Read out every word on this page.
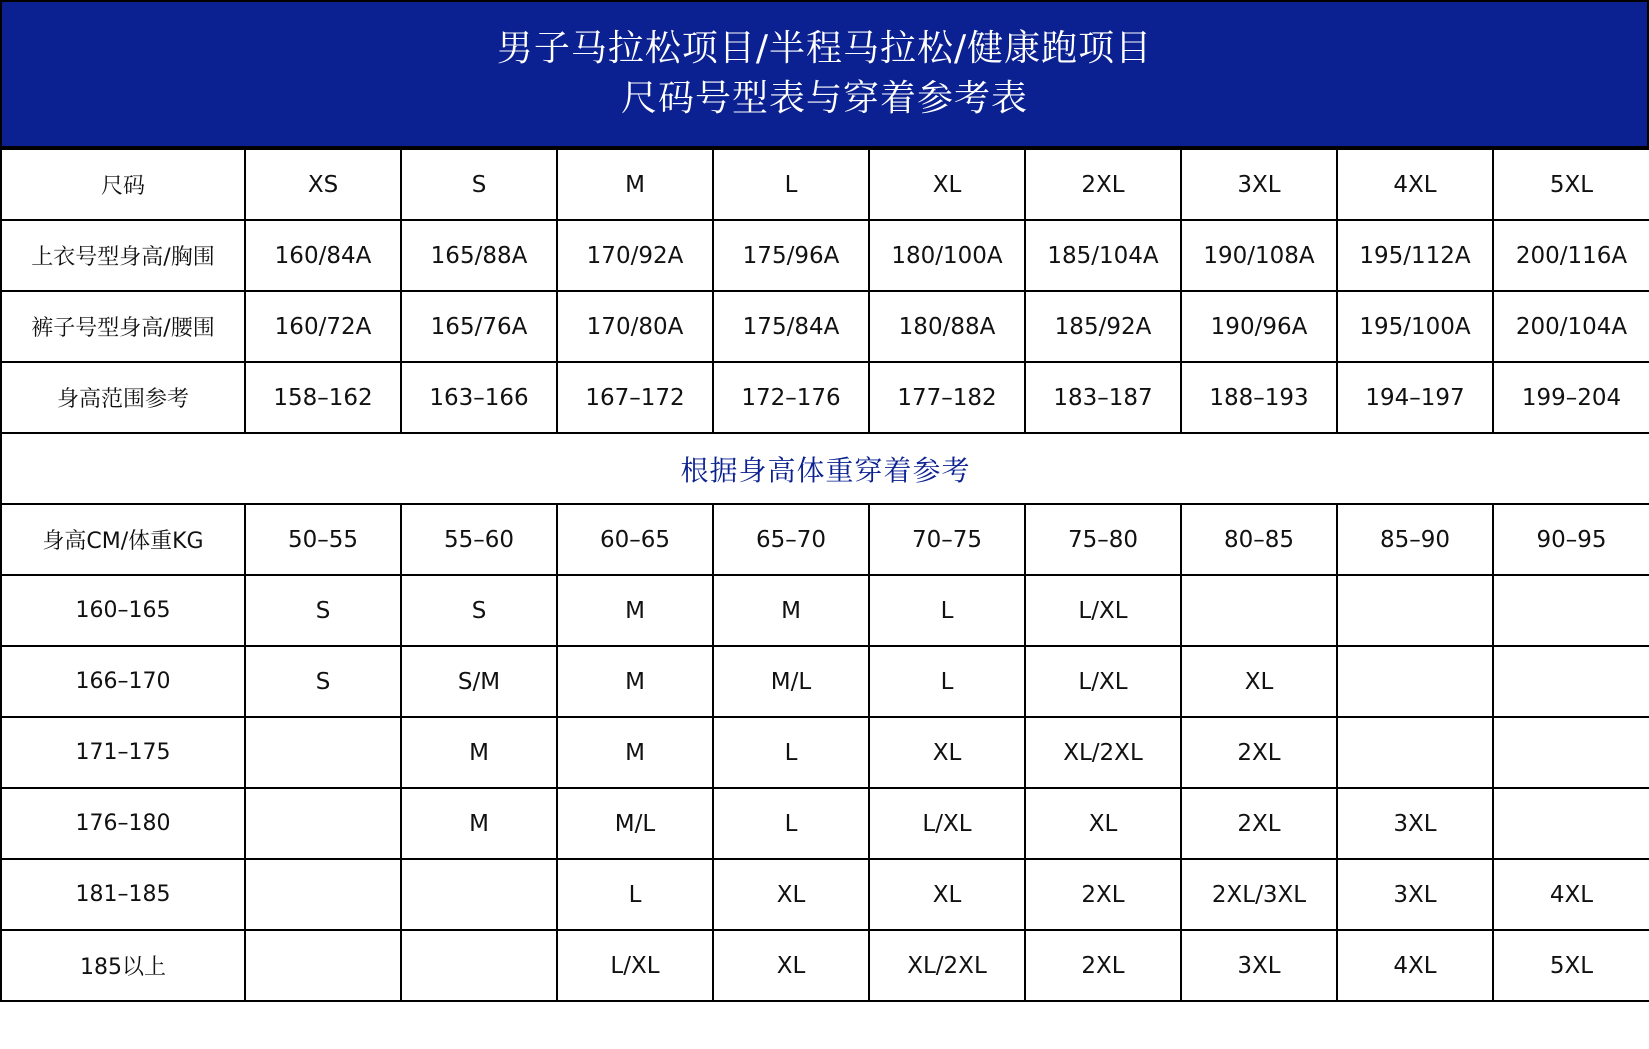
男子马拉松项目/半程马拉松/健康跑项目
尺码号型表与穿着参考表
尺码	XS	S	M	L	XL	2XL	3XL	4XL	5XL
上衣号型身高/胸围	160/84A	165/88A	170/92A	175/96A	180/100A	185/104A	190/108A	195/112A	200/116A
裤子号型身高/腰围	160/72A	165/76A	170/80A	175/84A	180/88A	185/92A	190/96A	195/100A	200/104A
身高范围参考	158–162	163–166	167–172	172–176	177–182	183–187	188–193	194–197	199–204
根据身高体重穿着参考									
身高CM/体重KG	50–55	55–60	60–65	65–70	70–75	75–80	80–85	85–90	90–95
160–165	S	S	M	M	L	L/XL			
166–170	S	S/M	M	M/L	L	L/XL	XL		
171–175		M	M	L	XL	XL/2XL	2XL		
176–180		M	M/L	L	L/XL	XL	2XL	3XL	
181–185			L	XL	XL	2XL	2XL/3XL	3XL	4XL
185以上			L/XL	XL	XL/2XL	2XL	3XL	4XL	5XL
